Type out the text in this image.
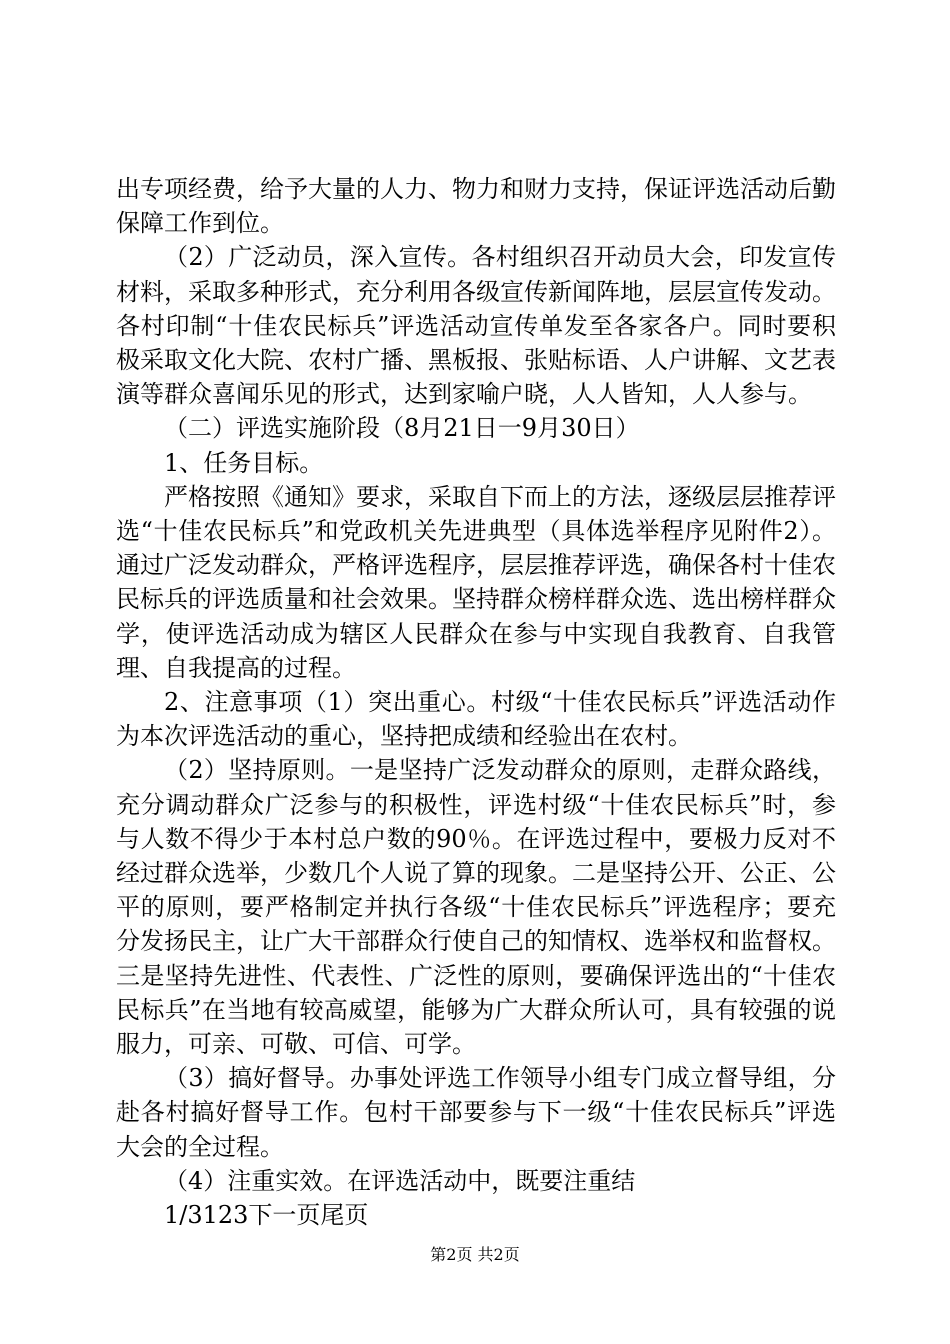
出专项经费，给予大量的人力、物力和财力支持，保证评选活动后勤保障工作到位。

（2）广泛动员，深入宣传。各村组织召开动员大会，印发宣传材料，采取多种形式，充分利用各级宣传新闻阵地，层层宣传发动。各村印制“十佳农民标兵”评选活动宣传单发至各家各户。同时要积极采取文化大院、农村广播、黑板报、张贴标语、人户讲解、文艺表演等群众喜闻乐见的形式，达到家喻户晓，人人皆知，人人参与。

（二）评选实施阶段（8月21日一9月30日）

1、任务目标。

严格按照《通知》要求，采取自下而上的方法，逐级层层推荐评选“十佳农民标兵”和党政机关先进典型（具体选举程序见附件2）。通过广泛发动群众，严格评选程序，层层推荐评选，确保各村十佳农民标兵的评选质量和社会效果。坚持群众榜样群众选、选出榜样群众学，使评选活动成为辖区人民群众在参与中实现自我教育、自我管理、自我提高的过程。

2、注意事项（1）突出重心。村级“十佳农民标兵”评选活动作为本次评选活动的重心，坚持把成绩和经验出在农村。

（2）坚持原则。一是坚持广泛发动群众的原则，走群众路线，充分调动群众广泛参与的积极性，评选村级“十佳农民标兵”时，参与人数不得少于本村总户数的90％。在评选过程中，要极力反对不经过群众选举，少数几个人说了算的现象。二是坚持公开、公正、公平的原则，要严格制定并执行各级“十佳农民标兵”评选程序；要充分发扬民主，让广大干部群众行使自己的知情权、选举权和监督权。三是坚持先进性、代表性、广泛性的原则，要确保评选出的“十佳农民标兵”在当地有较高威望，能够为广大群众所认可，具有较强的说服力，可亲、可敬、可信、可学。

（3）搞好督导。办事处评选工作领导小组专门成立督导组，分赴各村搞好督导工作。包村干部要参与下一级“十佳农民标兵”评选大会的全过程。

（4）注重实效。在评选活动中，既要注重结

1/3123下一页尾页

第2页 共2页
